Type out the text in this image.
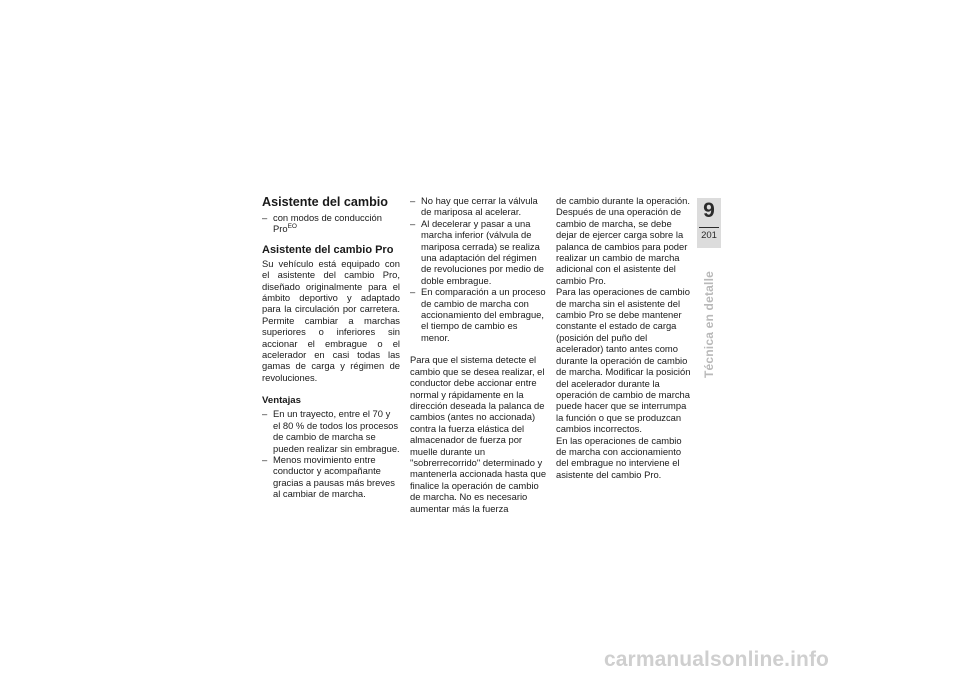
Asistente del cambio
– con modos de conducción Pro$^{EO}$
Asistente del cambio Pro

Su vehículo está equipado con el asistente del cambio Pro, diseñado originalmente para el ámbito deportivo y adaptado para la circulación por carretera. Permite cambiar a marchas superiores o inferiores sin accionar el embrague o el acelerador en casi todas las gamas de carga y régimen de revoluciones.

Ventajas
– En un trayecto, entre el 70 y el 80 % de todos los procesos de cambio de marcha se pueden realizar sin embrague.
– Menos movimiento entre conductor y acompañante gracias a pausas más breves al cambiar de marcha.
– No hay que cerrar la válvula de mariposa al acelerar.
– Al decelerar y pasar a una marcha inferior (válvula de mariposa cerrada) se realiza una adaptación del régimen de revoluciones por medio de doble embrague.
– En comparación a un proceso de cambio de marcha con accionamiento del embrague, el tiempo de cambio es menor.

Para que el sistema detecte el cambio que se desea realizar, el conductor debe accionar entre normal y rápidamente en la dirección deseada la palanca de cambios (antes no accionada) contra la fuerza elástica del almacenador de fuerza por muelle durante un "sobrerrecorrido" determinado y mantenerla accionada hasta que finalice la operación de cambio de marcha. No es necesario aumentar más la fuerza

de cambio durante la operación. Después de una operación de cambio de marcha, se debe dejar de ejercer carga sobre la palanca de cambios para poder realizar un cambio de marcha adicional con el asistente del cambio Pro.

Para las operaciones de cambio de marcha sin el asistente del cambio Pro se debe mantener constante el estado de carga (posición del puño del acelerador) tanto antes como durante la operación de cambio de marcha. Modificar la posición del acelerador durante la operación de cambio de marcha puede hacer que se interrumpa la función o que se produzcan cambios incorrectos.

En las operaciones de cambio de marcha con accionamiento del embrague no interviene el asistente del cambio Pro.

9
201
Técnica en detalle
carmanualsonline.info
